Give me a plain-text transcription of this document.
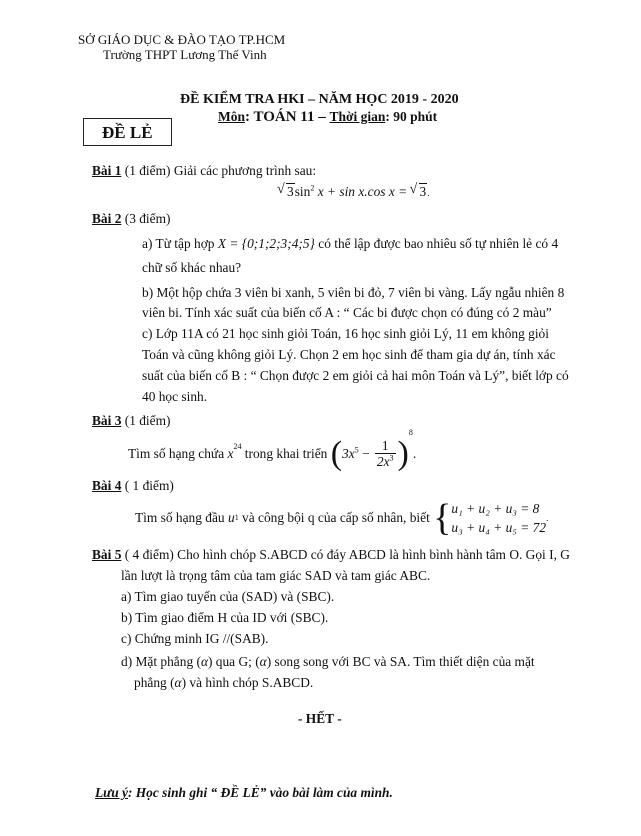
SỞ GIÁO DỤC & ĐÀO TẠO TP.HCM
Trường THPT Lương Thế Vinh
ĐỀ KIỂM TRA HKI – NĂM HỌC 2019 - 2020
Môn: TOÁN 11 – Thời gian: 90 phút
ĐỀ LẺ
Bài 1 (1 điểm) Giải các phương trình sau:
√ $3\sin^2$ x + sin x.cos x = √ 3.
Bài 2 (3 điểm)
a) Từ tập hợp X = {0;1;2;3;4;5} có thể lập được bao nhiêu số tự nhiên lẻ có 4
chữ số khác nhau?
b) Một hộp chứa 3 viên bi xanh, 5 viên bi đỏ, 7 viên bi vàng. Lấy ngẫu nhiên 8
viên bi. Tính xác suất của biến cố A : “ Các bi được chọn có đúng có 2 màu”
c) Lớp 11A có 21 học sinh giỏi Toán, 16 học sinh giỏi Lý, 11 em không giỏi
Toán và cũng không giỏi Lý. Chọn 2 em học sinh để tham gia dự án, tính xác
suất của biến cố B : “ Chọn được 2 em giỏi cả hai môn Toán và Lý”, biết lớp có
40 học sinh.
Bài 3 (1 điểm)
Tìm số hạng chứa $x^{24}$ trong khai triển $(3x^5 - \frac{1}{2x^3} )^8$.
Bài 4 ( 1 điểm)
Tìm số hạng đầu u1 và công bội q của cấp số nhân, biết { u₁ + u₂ + u₃ = 8
u₃ + u₄ + u₅ = 72
.
Bài 5 ( 4 điểm) Cho hình chóp S.ABCD có đáy ABCD là hình bình hành tâm O. Gọi I, G
lần lượt là trọng tâm của tam giác SAD và tam giác ABC.
a) Tìm giao tuyến của (SAD) và (SBC).
b) Tìm giao điểm H của ID với (SBC).
c) Chứng minh IG //(SAB).
d) Mặt phẳng (α) qua G; (α) song song với BC và SA. Tìm thiết diện của mặt
phẳng (α) và hình chóp S.ABCD.
- HẾT -
Lưu ý: Học sinh ghi “ ĐỀ LẺ” vào bài làm của mình.
